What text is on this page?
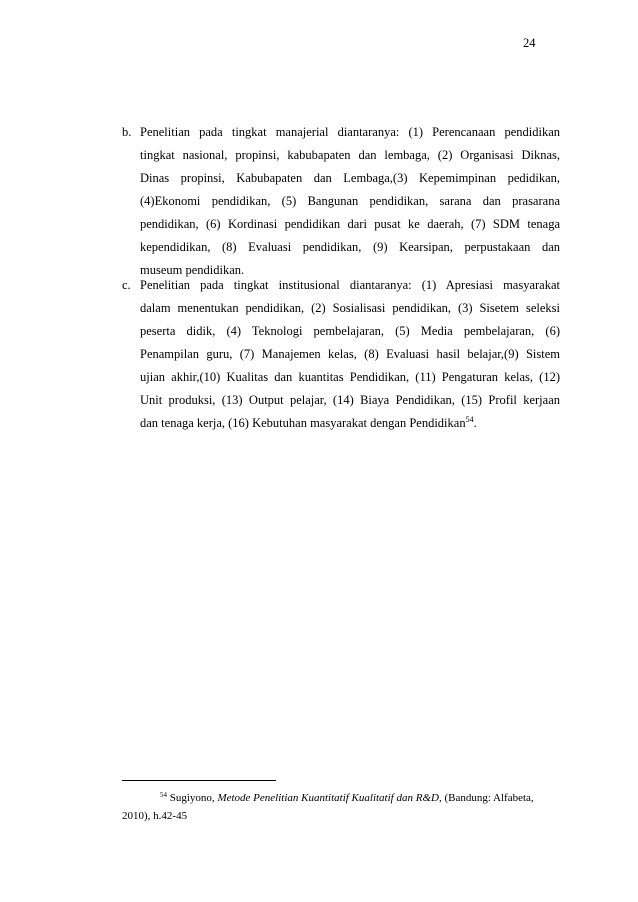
24
b. Penelitian pada tingkat manajerial diantaranya: (1) Perencanaan pendidikan
tingkat nasional, propinsi, kabubapaten dan lembaga, (2) Organisasi Diknas,
Dinas propinsi, Kabubapaten dan Lembaga,(3) Kepemimpinan pedidikan,
(4)Ekonomi pendidikan, (5) Bangunan pendidikan, sarana dan prasarana
pendidikan, (6) Kordinasi pendidikan dari pusat ke daerah, (7) SDM tenaga
kependidikan, (8) Evaluasi pendidikan, (9) Kearsipan, perpustakaan dan
museum pendidikan.
c. Penelitian pada tingkat institusional diantaranya: (1) Apresiasi masyarakat
dalam menentukan pendidikan, (2) Sosialisasi pendidikan, (3) Sisetem seleksi
peserta didik, (4) Teknologi pembelajaran, (5) Media pembelajaran, (6)
Penampilan guru, (7) Manajemen kelas, (8) Evaluasi hasil belajar,(9) Sistem
ujian akhir,(10) Kualitas dan kuantitas Pendidikan, (11) Pengaturan kelas, (12)
Unit produksi, (13) Output pelajar, (14) Biaya Pendidikan, (15) Profil kerjaan
dan tenaga kerja, (16) Kebutuhan masyarakat dengan Pendidikan$^{54}$.
$^{54}$ Sugiyono, Metode Penelitian Kuantitatif Kualitatif dan R&D, (Bandung: Alfabeta,
2010), h.42-45
